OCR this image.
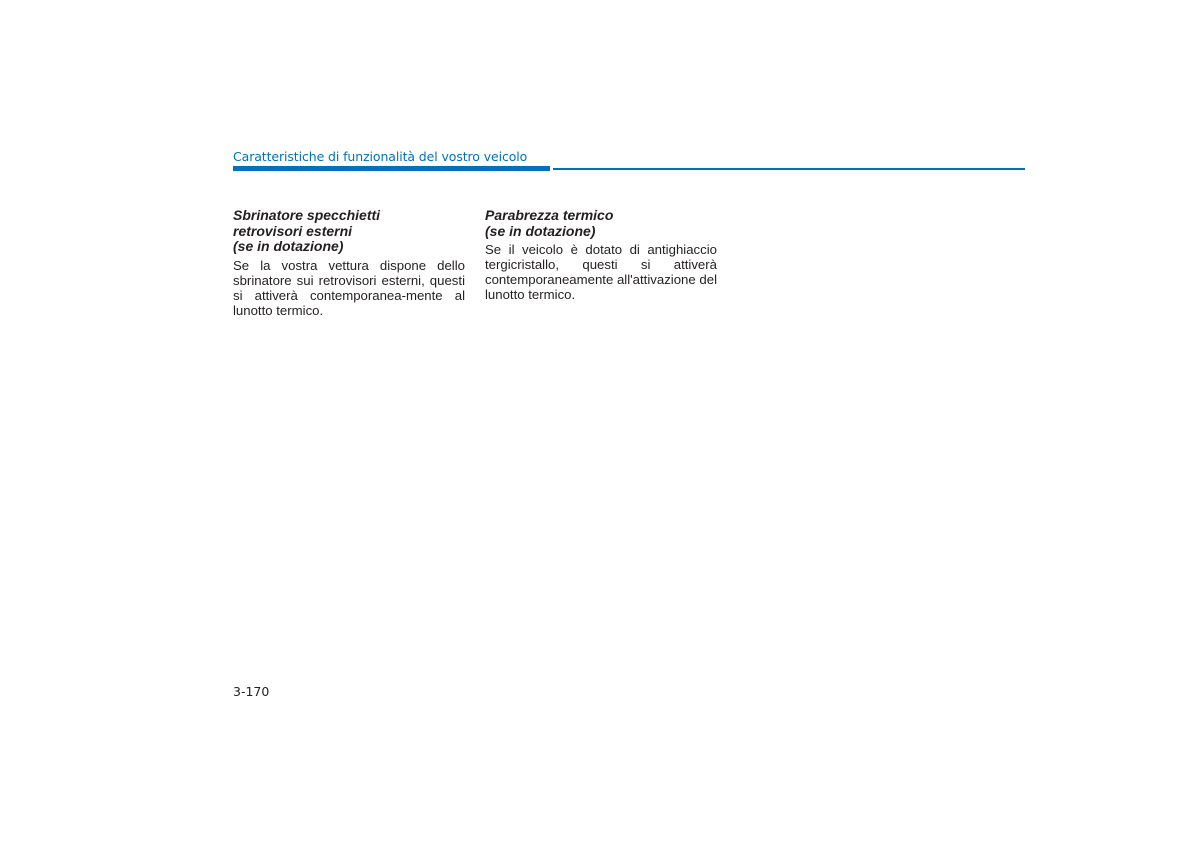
Caratteristiche di funzionalità del vostro veicolo
Sbrinatore specchietti
retrovisori esterni
(se in dotazione)

Se la vostra vettura dispone dello sbrinatore sui retrovisori esterni, questi si attiverà contemporanea-mente al lunotto termico.

Parabrezza termico
(se in dotazione)

Se il veicolo è dotato di antighiaccio tergicristallo, questi si attiverà contemporaneamente all'attivazione del lunotto termico.

3-170
